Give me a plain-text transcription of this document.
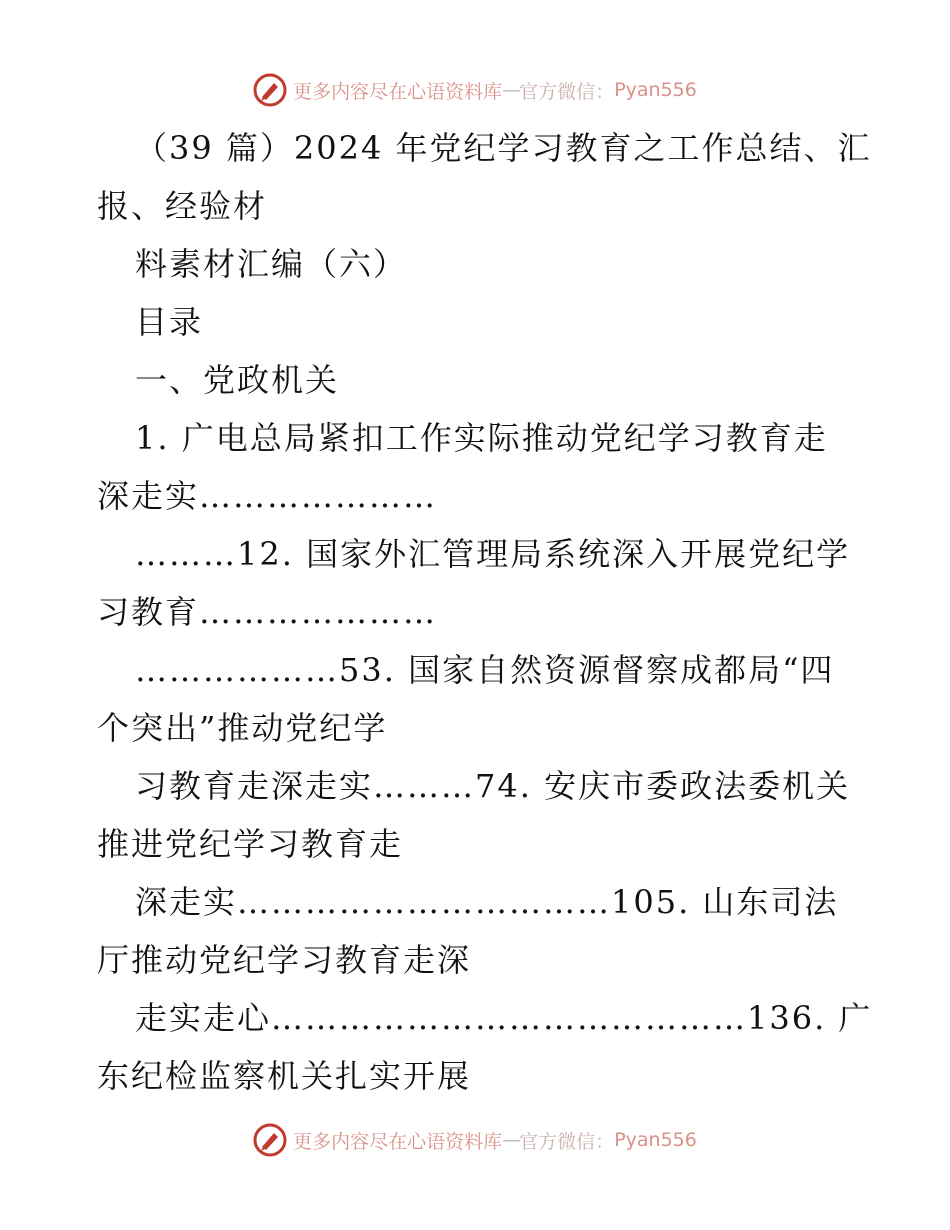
更多内容尽在心语资料库 — 官方微信： Pyan556
（39 篇）2024 年党纪学习教育之工作总结、汇
报、经验材
料素材汇编（六）
目录
一、党政机关
1. 广电总局紧扣工作实际推动党纪学习教育走
深走实…………………
………12. 国家外汇管理局系统深入开展党纪学
习教育…………………
………………53. 国家自然资源督察成都局“四
个突出”推动党纪学
习教育走深走实………74. 安庆市委政法委机关
推进党纪学习教育走
深走实……………………………105. 山东司法
厅推动党纪学习教育走深
走实走心……………………………………136. 广
东纪检监察机关扎实开展
更多内容尽在心语资料库 — 官方微信： Pyan556
